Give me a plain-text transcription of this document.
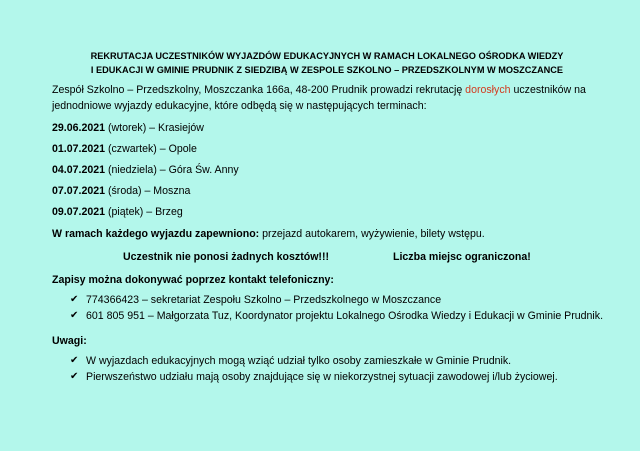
REKRUTACJA UCZESTNIKÓW WYJAZDÓW EDUKACYJNYCH W RAMACH LOKALNEGO OŚRODKA WIEDZY
I EDUKACJI W GMINIE PRUDNIK Z SIEDZIBĄ W ZESPOLE SZKOLNO – PRZEDSZKOLNYM W MOSZCZANCE
Zespół Szkolno – Przedszkolny, Moszczanka 166a, 48-200 Prudnik prowadzi rekrutację dorosłych uczestników na jednodniowe wyjazdy edukacyjne, które odbędą się w następujących terminach:
29.06.2021 (wtorek) – Krasiejów
01.07.2021 (czwartek) – Opole
04.07.2021 (niedziela) – Góra Św. Anny
07.07.2021 (środa) – Moszna
09.07.2021 (piątek) – Brzeg
W ramach każdego wyjazdu zapewniono: przejazd autokarem, wyżywienie, bilety wstępu.
Uczestnik nie ponosi żadnych kosztów!!!	Liczba miejsc ograniczona!
Zapisy można dokonywać poprzez kontakt telefoniczny:
✔ 774366423 – sekretariat Zespołu Szkolno – Przedszkolnego w Moszczance
✔ 601 805 951 – Małgorzata Tuz, Koordynator projektu Lokalnego Ośrodka Wiedzy i Edukacji w Gminie Prudnik.
Uwagi:
✔ W wyjazdach edukacyjnych mogą wziąć udział tylko osoby zamieszkałe w Gminie Prudnik.
✔ Pierwszeństwo udziału mają osoby znajdujące się w niekorzystnej sytuacji zawodowej i/lub życiowej.
